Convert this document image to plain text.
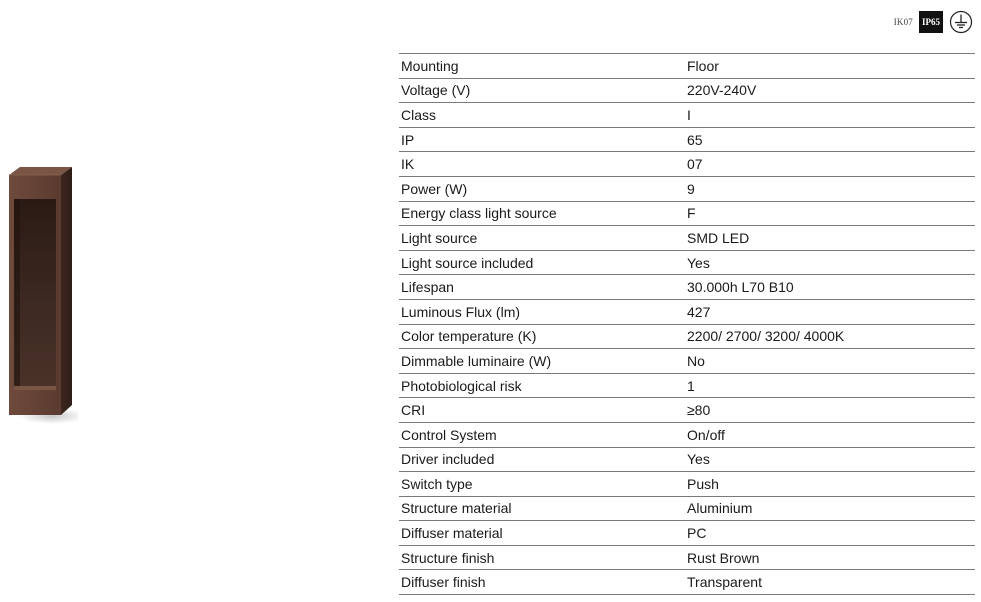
IK07	IP65
Mounting	Floor
Voltage (V)	220V-240V
Class	I
IP	65
IK	07
Power (W)	9
Energy class light source	F
Light source	SMD LED
Light source included	Yes
Lifespan	30.000h L70 B10
Luminous Flux (lm)	427
Color temperature (K)	2200/ 2700/ 3200/ 4000K
Dimmable luminaire (W)	No
Photobiological risk	1
CRI	≥80
Control System	On/off
Driver included	Yes
Switch type	Push
Structure material	Aluminium
Diffuser material	PC
Structure finish	Rust Brown
Diffuser finish	Transparent
